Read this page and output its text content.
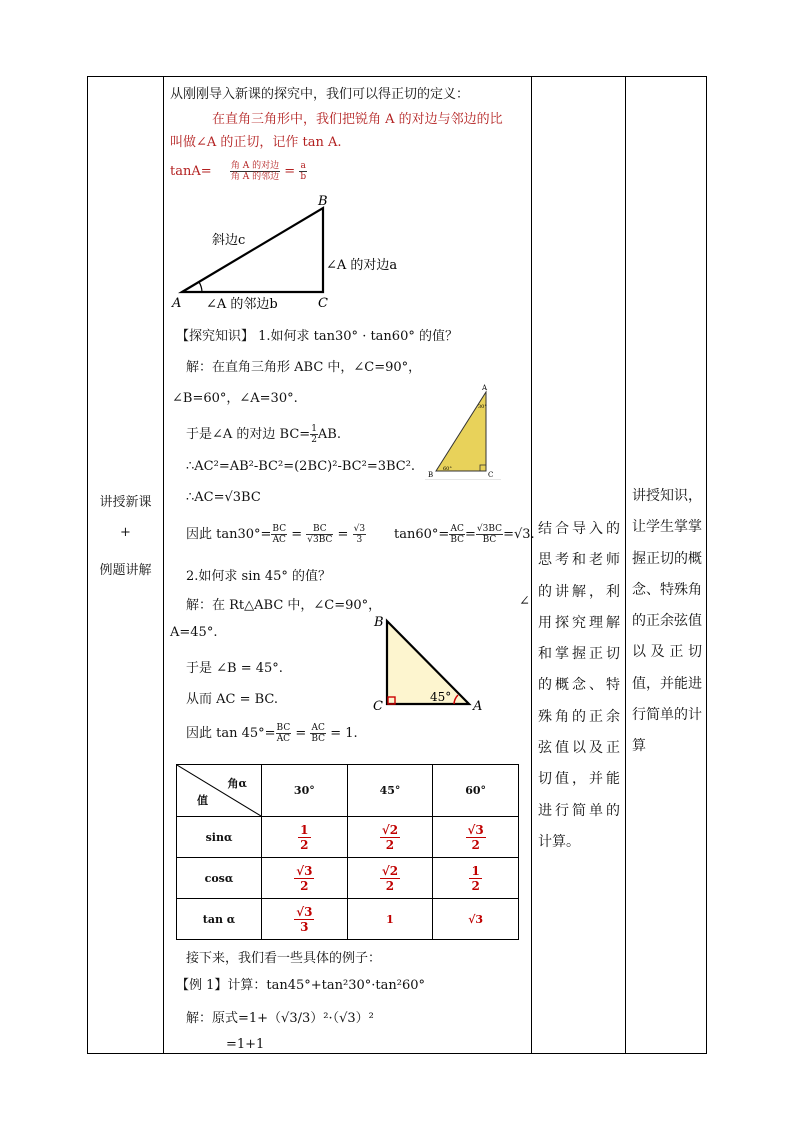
讲授新课
+
例题讲解
从刚刚导入新课的探究中，我们可以得正切的定义：
在直角三角形中，我们把锐角 A 的对边与邻边的比
叫做∠A 的正切，记作 tan A.
$\tan A= \frac{\text{角 A 的对边}}{\text{角 A 的邻边}} = \frac{a}{b}$
A
B
C
斜边c
∠A 的对边a
∠A 的邻边b
【探究知识】 1.如何求 tan30° · tan60° 的值？
解：在直角三角形 ABC 中，∠C=90°，
∠B=60°，∠A=30°.
于是∠A 的对边 $BC= \frac{1}{2}$ AB.
∴AC²=AB²-BC²=(2BC)²-BC²=3BC².
∴AC=√3BC
因此 $\tan 30^\circ= \frac{BC}{AC} = \frac{BC}{√3BC} = \frac{√3}{3} \tan 60^\circ= \frac{AC}{BC} = \frac{√3BC}{BC} =√3$.
A
B	C
60°
30°
2.如何求 sin 45° 的值？
解：在 Rt△ABC 中，∠C=90°，	∠
A=45°.
于是 ∠B = 45°.
从而 AC = BC.
因此 $\tan 45^\circ= \frac{BC}{AC} = \frac{AC}{BC} = 1$.
B
C	A
45°
角α
值	30°	45°	60°
sinα	$\frac{1}{2}$	$\frac{√2}{2}$	$\frac{√3}{2}$

cosα	$\frac{√3}{2}$	$\frac{√2}{2}$	$\frac{1}{2}$

tan α	$\frac{√3}{3}$	1	√3
接下来，我们看一些具体的例子：
【例 1】计算：tan45°+tan²30°·tan²60°
解：原式=1+（√3/3）²·（√3）²
=1+1
结合导入的思考和老师的讲解，利用探究理解和掌握正切的概念、特殊角的正余弦值以及正切值，并能进行简单的计算。
讲授知识，让学生掌掌握正切的概念、特殊角的正余弦值以及正切值，并能进行简单的计算
